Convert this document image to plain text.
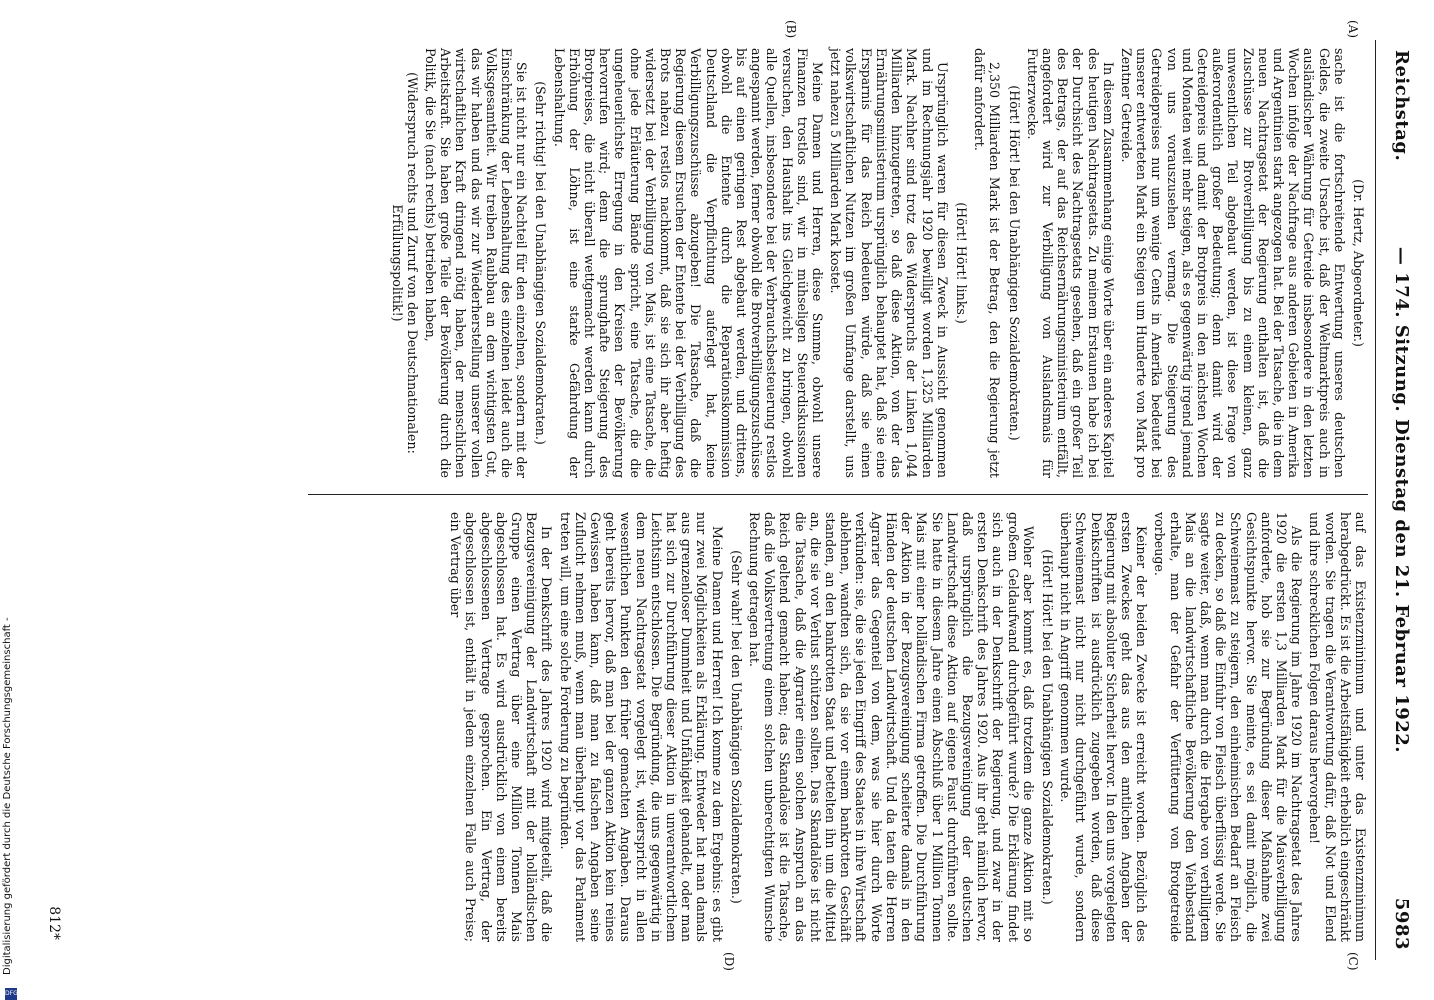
Reichstag.
— 174. Sitzung. Dienstag den 21. Februar 1922.
5983
(A)
(B)
(C)
(D)

(Dr. Hertz, Abgeordneter.)

sache ist die fortschreitende Entwertung unseres deutschen Geldes, die zweite Ursache ist, daß der Weltmarktpreis auch in ausländischer Währung für Getreide insbesondere in den letzten Wochen infolge der Nachfrage aus anderen Gebieten in Amerika und Argentinien stark angezogen hat. Bei der Tatsache, die in dem neuen Nachtragsetat der Regierung enthalten ist, daß die Zuschüsse zur Brotverbilligung bis zu einem kleinen, ganz unwesentlichen Teil abgebaut werden, ist diese Frage von außerordentlich großer Bedeutung; denn damit wird der Getreidepreis und damit der Brotpreis in den nächsten Wochen und Monaten weit mehr steigen, als es gegenwärtig irgend jemand von uns vorauszusehen vermag. Die Steigerung des Getreidepreises nur um wenige Cents in Amerika bedeutet bei unserer entwerteten Mark ein Steigen um Hunderte von Mark pro Zentner Getreide.

In diesem Zusammenhang einige Worte über ein anderes Kapitel des heutigen Nachtragsetats. Zu meinem Erstaunen habe ich bei der Durchsicht des Nachtragsetats gesehen, daß ein großer Teil des Betrags, der auf das Reichsernährungsministerium entfällt, angefordert wird zur Verbilligung von Auslandsmais für Futterzwecke.

(Hört! Hört! bei den Unabhängigen Sozialdemokraten.)

2,350 Milliarden Mark ist der Betrag, den die Regierung jetzt dafür anfordert.

(Hört! Hört! links.)

Ursprünglich waren für diesen Zweck in Aussicht genommen und im Rechnungsjahr 1920 bewilligt worden 1,325 Milliarden Mark. Nachher sind trotz des Widerspruchs der Linken 1,044 Milliarden hinzugetreten, so daß diese Aktion, von der das Ernährungsministerium ursprünglich behauptet hat, daß sie eine Ersparnis für das Reich bedeuten würde, daß sie einen volkswirtschaftlichen Nutzen im großen Umfange darstellt, uns jetzt nahezu 5 Milliarden Mark kostet.

Meine Damen und Herren, diese Summe, obwohl unsere Finanzen trostlos sind, wir in mühseligen Steuerdiskussionen versuchen, den Haushalt ins Gleichgewicht zu bringen, obwohl alle Quellen, insbesondere bei der Verbrauchsbesteuerung restlos angespannt werden, ferner obwohl die Brotverbilligungszuschüsse bis auf einen geringen Rest abgebaut werden, und drittens, obwohl die Entente durch die Reparationskommission Deutschland die Verpflichtung auferlegt hat, keine Verbilligungszuschüsse abzugeben! Die Tatsache, daß die Regierung diesem Ersuchen der Entente bei der Verbilligung des Brots nahezu restlos nachkommt, daß sie sich ihr aber heftig widersetzt bei der Verbilligung von Mais, ist eine Tatsache, die ohne jede Erläuterung Bände spricht, eine Tatsache, die die ungeheuerlichste Erregung in den Kreisen der Bevölkerung hervorrufen wird; denn die sprunghafte Steigerung des Brotpreises, die nicht überall wettgemacht werden kann durch Erhöhung der Löhne, ist eine starke Gefährdung der Lebenshaltung.

(Sehr richtig! bei den Unabhängigen Sozialdemokraten.)

Sie ist nicht nur ein Nachteil für den einzelnen, sondern mit der Einschränkung der Lebenshaltung des einzelnen leidet auch die Volksgesamtheit. Wir treiben Raubbau an dem wichtigsten Gut, das wir haben und das wir zur Wiederherstellung unserer vollen wirtschaftlichen Kraft dringend nötig haben, der menschlichen Arbeitskraft. Sie haben große Teile der Bevölkerung durch die Politik, die Sie (nach rechts) betrieben haben,

(Widerspruch rechts und Zuruf von den Deutschnationalen: Erfüllungspolitik!)

auf das Existenzminimum und unter das Existenzminimum herabgedrückt. Es ist die Arbeitsfähigkeit erheblich eingeschränkt worden. Sie tragen die Verantwortung dafür, daß Not und Elend und ihre schrecklichen Folgen daraus hervorgehen!

Als die Regierung im Jahre 1920 im Nachtragsetat des Jahres 1920 die ersten 1,3 Milliarden Mark für die Maisverbilligung anforderte, hob sie zur Begründung dieser Maßnahme zwei Gesichtspunkte hervor. Sie meinte, es sei damit möglich, die Schweinemast zu steigern, den einheimischen Bedarf an Fleisch zu decken, so daß die Einfuhr von Fleisch überflüssig werde. Sie sagte weiter, daß, wenn man durch die Hergabe von verbilligtem Mais an die landwirtschaftliche Bevölkerung den Viehbestand erhalte, man der Gefahr der Verfütterung von Brotgetreide vorbeuge.

Keiner der beiden Zwecke ist erreicht worden. Bezüglich des ersten Zweckes geht das aus den amtlichen Angaben der Regierung mit absoluter Sicherheit hervor. In den uns vorgelegten Denkschriften ist ausdrücklich zugegeben worden, daß diese Schweinemast nicht nur nicht durchgeführt wurde, sondern überhaupt nicht in Angriff genommen wurde.

(Hört! Hört! bei den Unabhängigen Sozialdemokraten.)

Woher aber kommt es, daß trotzdem die ganze Aktion mit so großem Geldaufwand durchgeführt wurde? Die Erklärung findet sich auch in der Denkschrift der Regierung, und zwar in der ersten Denkschrift des Jahres 1920. Aus ihr geht nämlich hervor, daß ursprünglich die Bezugsvereinigung der deutschen Landwirtschaft diese Aktion auf eigene Faust durchführen sollte. Sie hatte in diesem Jahre einen Abschluß über 1 Million Tonnen Mais mit einer holländischen Firma getroffen. Die Durchführung der Aktion in der Bezugsvereinigung scheiterte damals in den Händen der deutschen Landwirtschaft. Und da taten die Herren Agrarier das Gegenteil von dem, was sie hier durch Worte verkünden: sie, die sie jeden Eingriff des Staates in ihre Wirtschaft ablehnen, wandten sich, da sie vor einem bankrotten Geschäft standen, an den bankrotten Staat und bettelten ihn um die Mittel an, die sie vor Verlust schützen sollten. Das Skandalöse ist nicht die Tatsache, daß die Agrarier einen solchen Anspruch an das Reich geltend gemacht haben; das Skandalöse ist die Tatsache, daß die Volksvertretung einem solchen unberechtigten Wunsche Rechnung getragen hat.

(Sehr wahr! bei den Unabhängigen Sozialdemokraten.)

Meine Damen und Herren! Ich komme zu dem Ergebnis: es gibt nur zwei Möglichkeiten als Erklärung. Entweder hat man damals aus grenzenloser Dummheit und Unfähigkeit gehandelt, oder man hat sich zur Durchführung dieser Aktion in unverantwortlichem Leichtsinn entschlossen. Die Begründung, die uns gegenwärtig in dem neuen Nachtragsetat vorgelegt ist, widerspricht in allen wesentlichen Punkten den früher gemachten Angaben. Daraus geht bereits hervor, daß man bei der ganzen Aktion kein reines Gewissen haben kann, daß man zu falschen Angaben seine Zuflucht nehmen muß, wenn man überhaupt vor das Parlament treten will, um eine solche Forderung zu begründen.

In der Denkschrift des Jahres 1920 wird mitgeteilt, daß die Bezugsvereinigung der Landwirtschaft mit der holländischen Gruppe einen Vertrag über eine Million Tonnen Mais abgeschlossen hat. Es wird ausdrücklich von einem bereits abgeschlossenen Vertrage gesprochen. Ein Vertrag, der abgeschlossen ist, enthält in jedem einzelnen Falle auch Preise; ein Vertrag über

812*
Digitalisierung gefördert durch die Deutsche Forschungsgemeinschaft -
DFG
